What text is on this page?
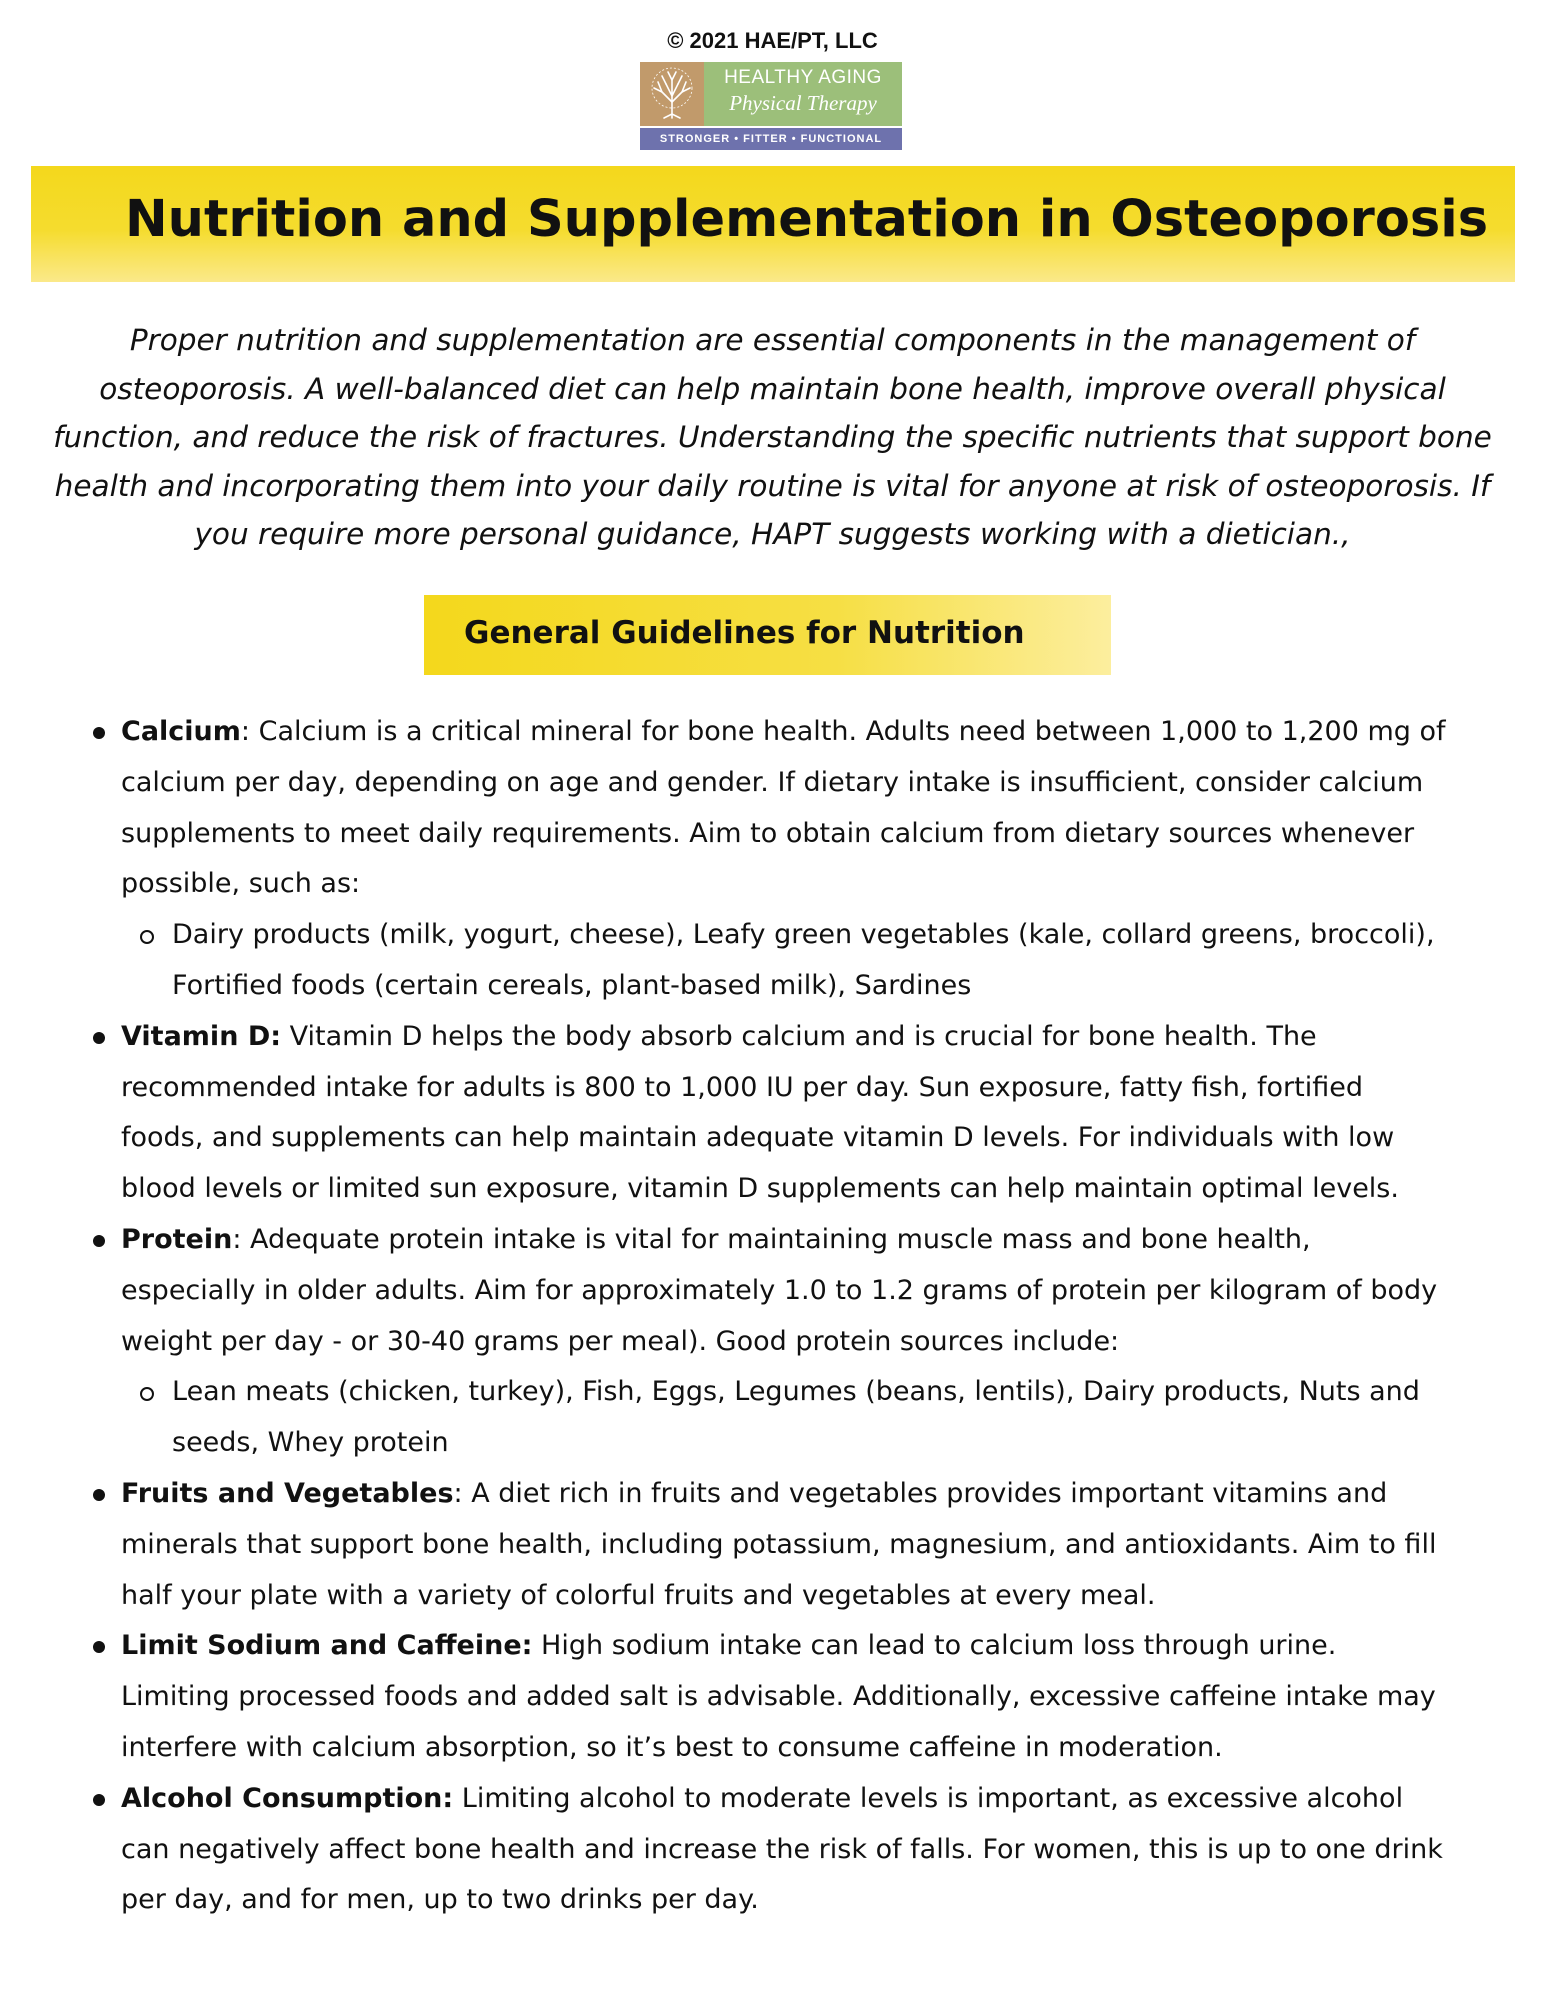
© 2021 HAE/PT, LLC
HEALTHY AGING
Physical Therapy
STRONGER • FITTER • FUNCTIONAL
Nutrition and Supplementation in Osteoporosis

Proper nutrition and supplementation are essential components in the management of osteoporosis. A well-balanced diet can help maintain bone health, improve overall physical function, and reduce the risk of fractures. Understanding the specific nutrients that support bone health and incorporating them into your daily routine is vital for anyone at risk of osteoporosis. If you require more personal guidance, HAPT suggests working with a dietician.,

General Guidelines for Nutrition
Calcium: Calcium is a critical mineral for bone health. Adults need between 1,000 to 1,200 mg of calcium per day, depending on age and gender. If dietary intake is insufficient, consider calcium supplements to meet daily requirements. Aim to obtain calcium from dietary sources whenever possible, such as:
Dairy products (milk, yogurt, cheese), Leafy green vegetables (kale, collard greens, broccoli), Fortified foods (certain cereals, plant-based milk), Sardines
Vitamin D: Vitamin D helps the body absorb calcium and is crucial for bone health. The recommended intake for adults is 800 to 1,000 IU per day. Sun exposure, fatty fish, fortified foods, and supplements can help maintain adequate vitamin D levels. For individuals with low blood levels or limited sun exposure, vitamin D supplements can help maintain optimal levels.
Protein: Adequate protein intake is vital for maintaining muscle mass and bone health, especially in older adults. Aim for approximately 1.0 to 1.2 grams of protein per kilogram of body weight per day - or 30-40 grams per meal). Good protein sources include:
Lean meats (chicken, turkey), Fish, Eggs, Legumes (beans, lentils), Dairy products, Nuts and seeds, Whey protein
Fruits and Vegetables: A diet rich in fruits and vegetables provides important vitamins and minerals that support bone health, including potassium, magnesium, and antioxidants. Aim to fill half your plate with a variety of colorful fruits and vegetables at every meal.
Limit Sodium and Caffeine: High sodium intake can lead to calcium loss through urine. Limiting processed foods and added salt is advisable. Additionally, excessive caffeine intake may interfere with calcium absorption, so it’s best to consume caffeine in moderation.
Alcohol Consumption: Limiting alcohol to moderate levels is important, as excessive alcohol can negatively affect bone health and increase the risk of falls. For women, this is up to one drink per day, and for men, up to two drinks per day.
